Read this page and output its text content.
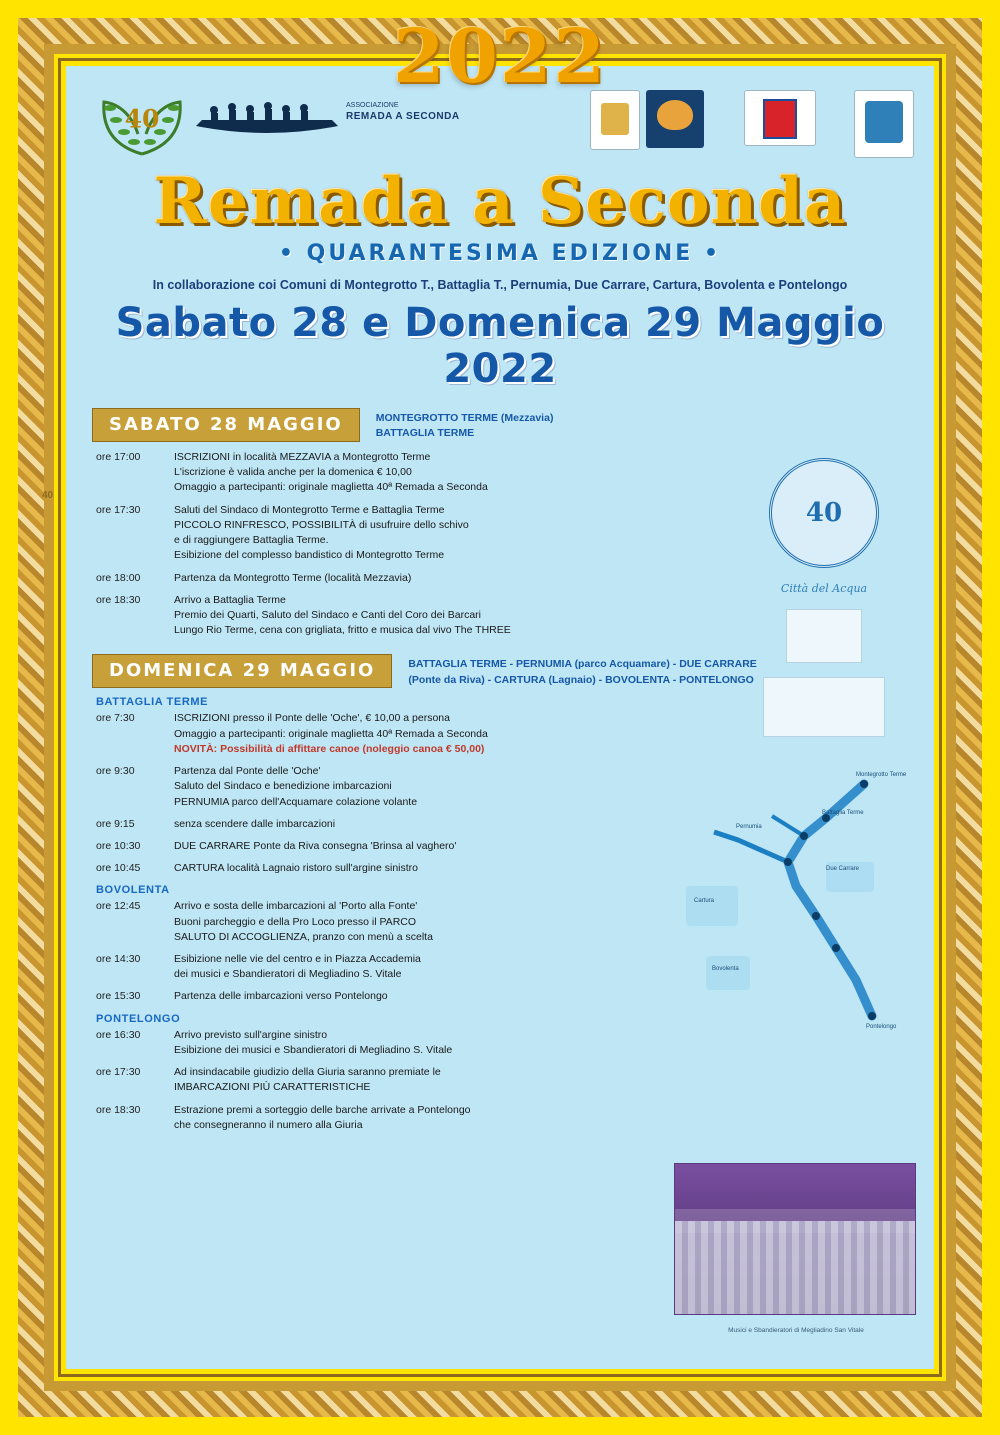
2022
40
40	ASSOCIAZIONE
REMADA A SECONDA
Remada a Seconda
• QUARANTESIMA EDIZIONE •
In collaborazione coi Comuni di Montegrotto T., Battaglia T., Pernumia, Due Carrare, Cartura, Bovolenta e Pontelongo
Sabato 28 e Domenica 29 Maggio 2022
SABATO 28 MAGGIO	MONTEGROTTO TERME (Mezzavia)
BATTAGLIA TERME
ore 17:00	ISCRIZIONI in località MEZZAVIA a Montegrotto Terme
L'iscrizione è valida anche per la domenica € 10,00
Omaggio a partecipanti: originale maglietta 40ª Remada a Seconda
ore 17:30	Saluti del Sindaco di Montegrotto Terme e Battaglia Terme
PICCOLO RINFRESCO, POSSIBILITÀ di usufruire dello schivo
e di raggiungere Battaglia Terme.
Esibizione del complesso bandistico di Montegrotto Terme
ore 18:00	Partenza da Montegrotto Terme (località Mezzavia)
ore 18:30	Arrivo a Battaglia Terme
Premio dei Quarti, Saluto del Sindaco e Canti del Coro dei Barcari
Lungo Rio Terme, cena con grigliata, fritto e musica dal vivo The THREE
DOMENICA 29 MAGGIO	BATTAGLIA TERME - PERNUMIA (parco Acquamare) - DUE CARRARE
(Ponte da Riva) - CARTURA (Lagnaio) - BOVOLENTA - PONTELONGO
BATTAGLIA TERME
ore 7:30	ISCRIZIONI presso il Ponte delle 'Oche', € 10,00 a persona
Omaggio a partecipanti: originale maglietta 40ª Remada a Seconda
NOVITÀ: Possibilità di affittare canoe (noleggio canoa € 50,00)
ore 9:30	Partenza dal Ponte delle 'Oche'
Saluto del Sindaco e benedizione imbarcazioni
PERNUMIA parco dell'Acquamare colazione volante
ore 9:15	senza scendere dalle imbarcazioni
ore 10:30	DUE CARRARE Ponte da Riva consegna 'Brinsa al vaghero'
ore 10:45	CARTURA località Lagnaio ristoro sull'argine sinistro
BOVOLENTA
ore 12:45	Arrivo e sosta delle imbarcazioni al 'Porto alla Fonte'
Buoni parcheggio e della Pro Loco presso il PARCO
SALUTO DI ACCOGLIENZA, pranzo con menù a scelta
ore 14:30	Esibizione nelle vie del centro e in Piazza Accademia
dei musici e Sbandieratori di Megliadino S. Vitale
ore 15:30	Partenza delle imbarcazioni verso Pontelongo
PONTELONGO
ore 16:30	Arrivo previsto sull'argine sinistro
Esibizione dei musici e Sbandieratori di Megliadino S. Vitale
ore 17:30	Ad insindacabile giudizio della Giuria saranno premiate le
IMBARCAZIONI PIÙ CARATTERISTICHE
ore 18:30	Estrazione premi a sorteggio delle barche arrivate a Pontelongo
che consegneranno il numero alla Giuria
40
Città del Acqua
Montegrotto Terme
Battaglia Terme
Pernumia
Due Carrare
Cartura
Bovolenta
Pontelongo
Musici e Sbandieratori di Megliadino San Vitale
